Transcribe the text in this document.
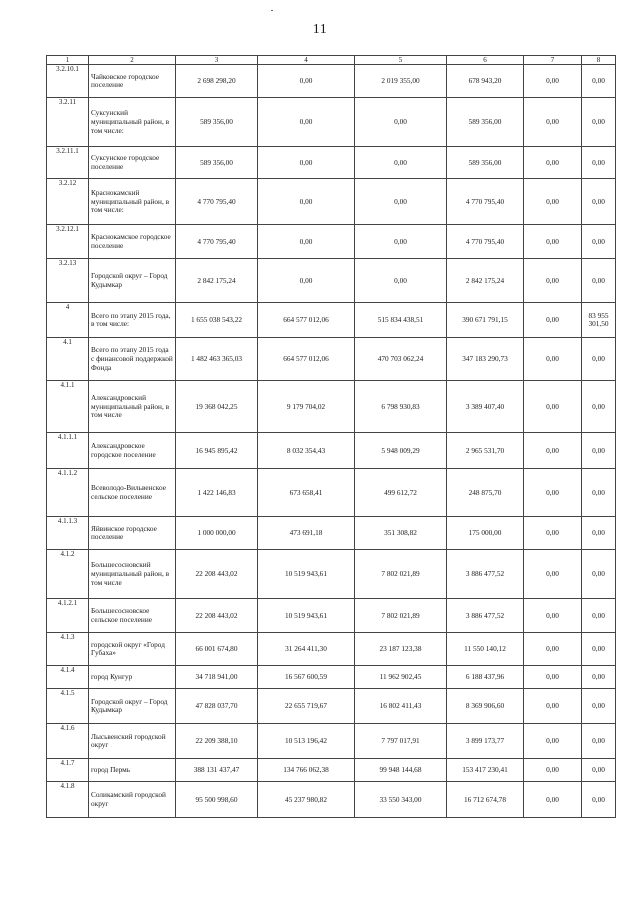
11
1	2	3	4	5	6	7	8
3.2.10.1	Чайковское городское поселение	2 698 298,20	0,00	2 019 355,00	678 943,20	0,00	0,00
3.2.11	Суксунский муниципальный район, в том числе:	589 356,00	0,00	0,00	589 356,00	0,00	0,00
3.2.11.1	Суксунское городское поселение	589 356,00	0,00	0,00	589 356,00	0,00	0,00
3.2.12	Краснокамский муниципальный район, в том числе:	4 770 795,40	0,00	0,00	4 770 795,40	0,00	0,00
3.2.12.1	Краснокамское городское поселение	4 770 795,40	0,00	0,00	4 770 795,40	0,00	0,00
3.2.13	Городской округ – Город Кудымкар	2 842 175,24	0,00	0,00	2 842 175,24	0,00	0,00
4	Всего по этапу 2015 года, в том числе:	1 655 038 543,22	664 577 012,06	515 834 438,51	390 671 791,15	0,00	83 955 301,50
4.1	Всего по этапу 2015 года с финансовой поддержкой Фонда	1 482 463 365,03	664 577 012,06	470 703 062,24	347 183 290,73	0,00	0,00
4.1.1	Александровский муниципальный район, в том числе	19 368 042,25	9 179 704,02	6 798 930,83	3 389 407,40	0,00	0,00
4.1.1.1	Александровское городское поселение	16 945 895,42	8 032 354,43	5 948 009,29	2 965 531,70	0,00	0,00
4.1.1.2	Всеволодо-Вильвенское сельское поселение	1 422 146,83	673 658,41	499 612,72	248 875,70	0,00	0,00
4.1.1.3	Яйвинское городское поселение	1 000 000,00	473 691,18	351 308,82	175 000,00	0,00	0,00
4.1.2	Большесосновский муниципальный район, в том числе	22 208 443,02	10 519 943,61	7 802 021,89	3 886 477,52	0,00	0,00
4.1.2.1	Большесосновское сельское поселение	22 208 443,02	10 519 943,61	7 802 021,89	3 886 477,52	0,00	0,00
4.1.3	городской округ «Город Губаха»	66 001 674,80	31 264 411,30	23 187 123,38	11 550 140,12	0,00	0,00
4.1.4	город Кунгур	34 718 941,00	16 567 600,59	11 962 902,45	6 188 437,96	0,00	0,00
4.1.5	Городской округ – Город Кудымкар	47 828 037,70	22 655 719,67	16 802 411,43	8 369 906,60	0,00	0,00
4.1.6	Лысьвенский городской округ	22 209 388,10	10 513 196,42	7 797 017,91	3 899 173,77	0,00	0,00
4.1.7	город Пермь	388 131 437,47	134 766 062,38	99 948 144,68	153 417 230,41	0,00	0,00
4.1.8	Соликамский городской округ	95 500 998,60	45 237 980,82	33 550 343,00	16 712 674,78	0,00	0,00
